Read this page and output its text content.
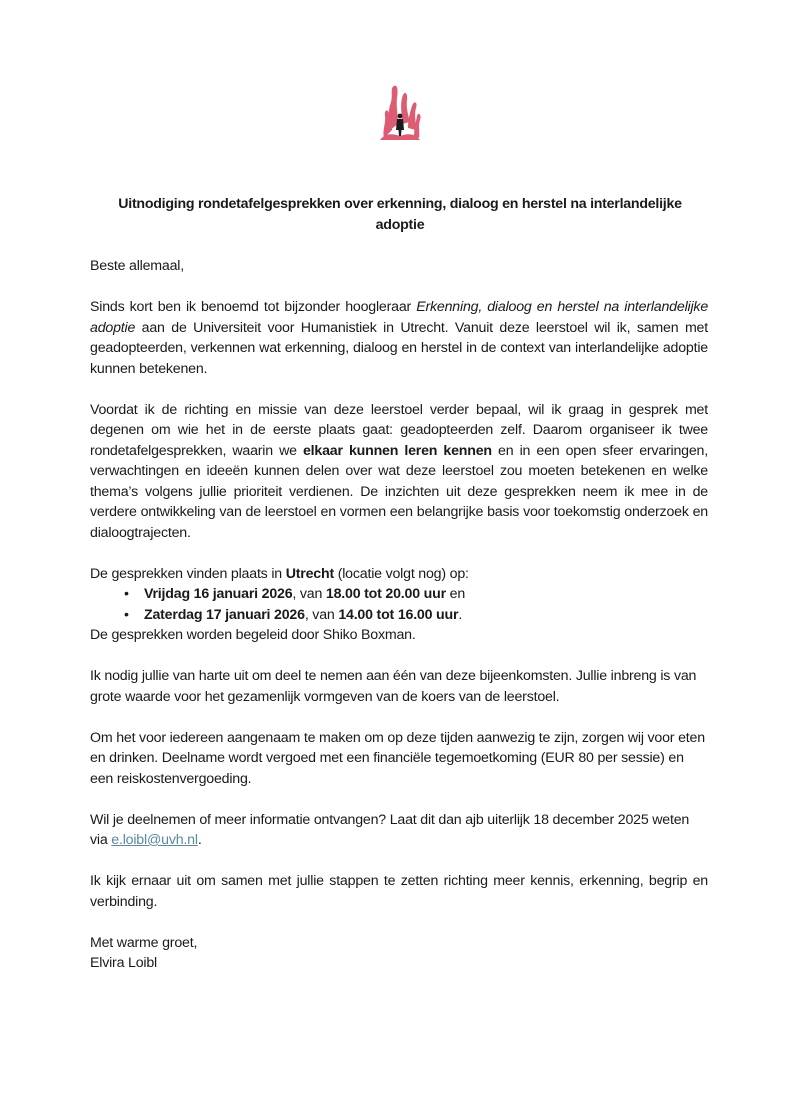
Uitnodiging rondetafelgesprekken over erkenning, dialoog en herstel na interlandelijke adoptie

Beste allemaal,

Sinds kort ben ik benoemd tot bijzonder hoogleraar Erkenning, dialoog en herstel na interlandelijke adoptie aan de Universiteit voor Humanistiek in Utrecht. Vanuit deze leerstoel wil ik, samen met geadopteerden, verkennen wat erkenning, dialoog en herstel in de context van interlandelijke adoptie kunnen betekenen.

Voordat ik de richting en missie van deze leerstoel verder bepaal, wil ik graag in gesprek met degenen om wie het in de eerste plaats gaat: geadopteerden zelf. Daarom organiseer ik twee rondetafelgesprekken, waarin we elkaar kunnen leren kennen en in een open sfeer ervaringen, verwachtingen en ideeën kunnen delen over wat deze leerstoel zou moeten betekenen en welke thema’s volgens jullie prioriteit verdienen. De inzichten uit deze gesprekken neem ik mee in de verdere ontwikkeling van de leerstoel en vormen een belangrijke basis voor toekomstig onderzoek en dialoogtrajecten.

De gesprekken vinden plaats in Utrecht (locatie volgt nog) op:

• Vrijdag 16 januari 2026, van 18.00 tot 20.00 uur en
• Zaterdag 17 januari 2026, van 14.00 tot 16.00 uur.

De gesprekken worden begeleid door Shiko Boxman.

Ik nodig jullie van harte uit om deel te nemen aan één van deze bijeenkomsten. Jullie inbreng is van grote waarde voor het gezamenlijk vormgeven van de koers van de leerstoel.

Om het voor iedereen aangenaam te maken om op deze tijden aanwezig te zijn, zorgen wij voor eten en drinken. Deelname wordt vergoed met een financiële tegemoetkoming (EUR 80 per sessie) en een reiskostenvergoeding.

Wil je deelnemen of meer informatie ontvangen? Laat dit dan ajb uiterlijk 18 december 2025 weten via e.loibl@uvh.nl.

Ik kijk ernaar uit om samen met jullie stappen te zetten richting meer kennis, erkenning, begrip en verbinding.

Met warme groet,

Elvira Loibl
